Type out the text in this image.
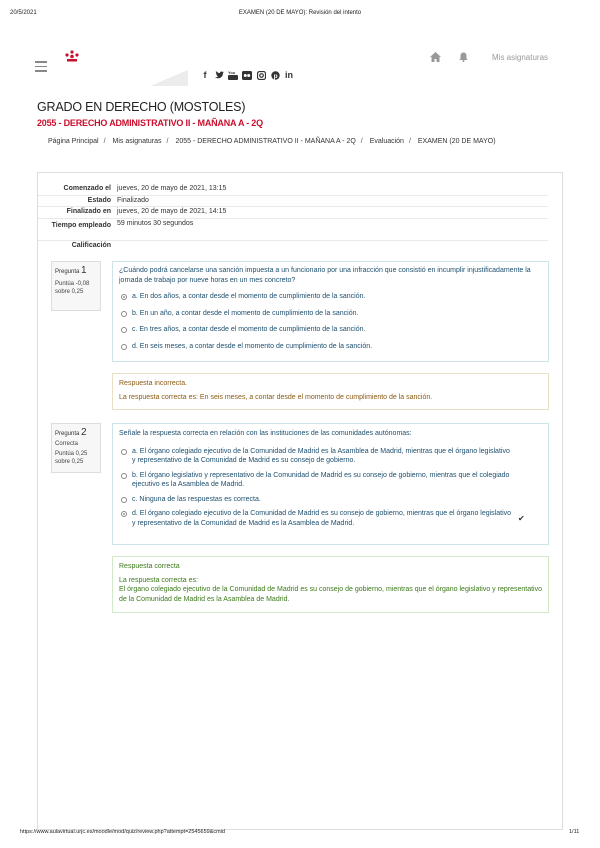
20/5/2021	EXAMEN (20 DE MAYO): Revisión del intento
f	You	p in
Mis asignaturas
GRADO EN DERECHO (MOSTOLES)
2055 - DERECHO ADMINISTRATIVO II - MAÑANA A - 2Q
Página Principal / Mis asignaturas / 2055 - DERECHO ADMINISTRATIVO II - MAÑANA A - 2Q / Evaluación / EXAMEN (20 DE MAYO)
Comenzado el jueves, 20 de mayo de 2021, 13:15
Estado Finalizado
Finalizado en jueves, 20 de mayo de 2021, 14:15
Tiempo empleado 59 minutos 30 segundos
Calificación
Pregunta 1
Puntúa -0,08
sobre 0,25
¿Cuándo podrá cancelarse una sanción impuesta a un funcionario por una infracción que consistió en incumplir injustificadamente la jornada de trabajo por nueve horas en un mes concreto?
a. En dos años, a contar desde el momento de cumplimiento de la sanción.
b. En un año, a contar desde el momento de cumplimiento de la sanción.
c. En tres años, a contar desde el momento de cumplimiento de la sanción.
d. En seis meses, a contar desde el momento de cumplimiento de la sanción.
Respuesta incorrecta.
La respuesta correcta es: En seis meses, a contar desde el momento de cumplimiento de la sanción.
Pregunta 2
Correcta
Puntúa 0,25
sobre 0,25
Señale la respuesta correcta en relación con las instituciones de las comunidades autónomas:
a. El órgano colegiado ejecutivo de la Comunidad de Madrid es la Asamblea de Madrid, mientras que el órgano legislativo y representativo de la Comunidad de Madrid es su consejo de gobierno.
b. El órgano legislativo y representativo de la Comunidad de Madrid es su consejo de gobierno, mientras que el colegiado ejecutivo es la Asamblea de Madrid.
c. Ninguna de las respuestas es correcta.
d. El órgano colegiado ejecutivo de la Comunidad de Madrid es su consejo de gobierno, mientras que el órgano legislativo y representativo de la Comunidad de Madrid es la Asamblea de Madrid.	✔
Respuesta correcta
La respuesta correcta es:
El órgano colegiado ejecutivo de la Comunidad de Madrid es su consejo de gobierno, mientras que el órgano legislativo y representativo de la Comunidad de Madrid es la Asamblea de Madrid.
https://www.aulavirtual.urjc.es/moodle/mod/quiz/review.php?attempt=2545659&cmid	1/11
